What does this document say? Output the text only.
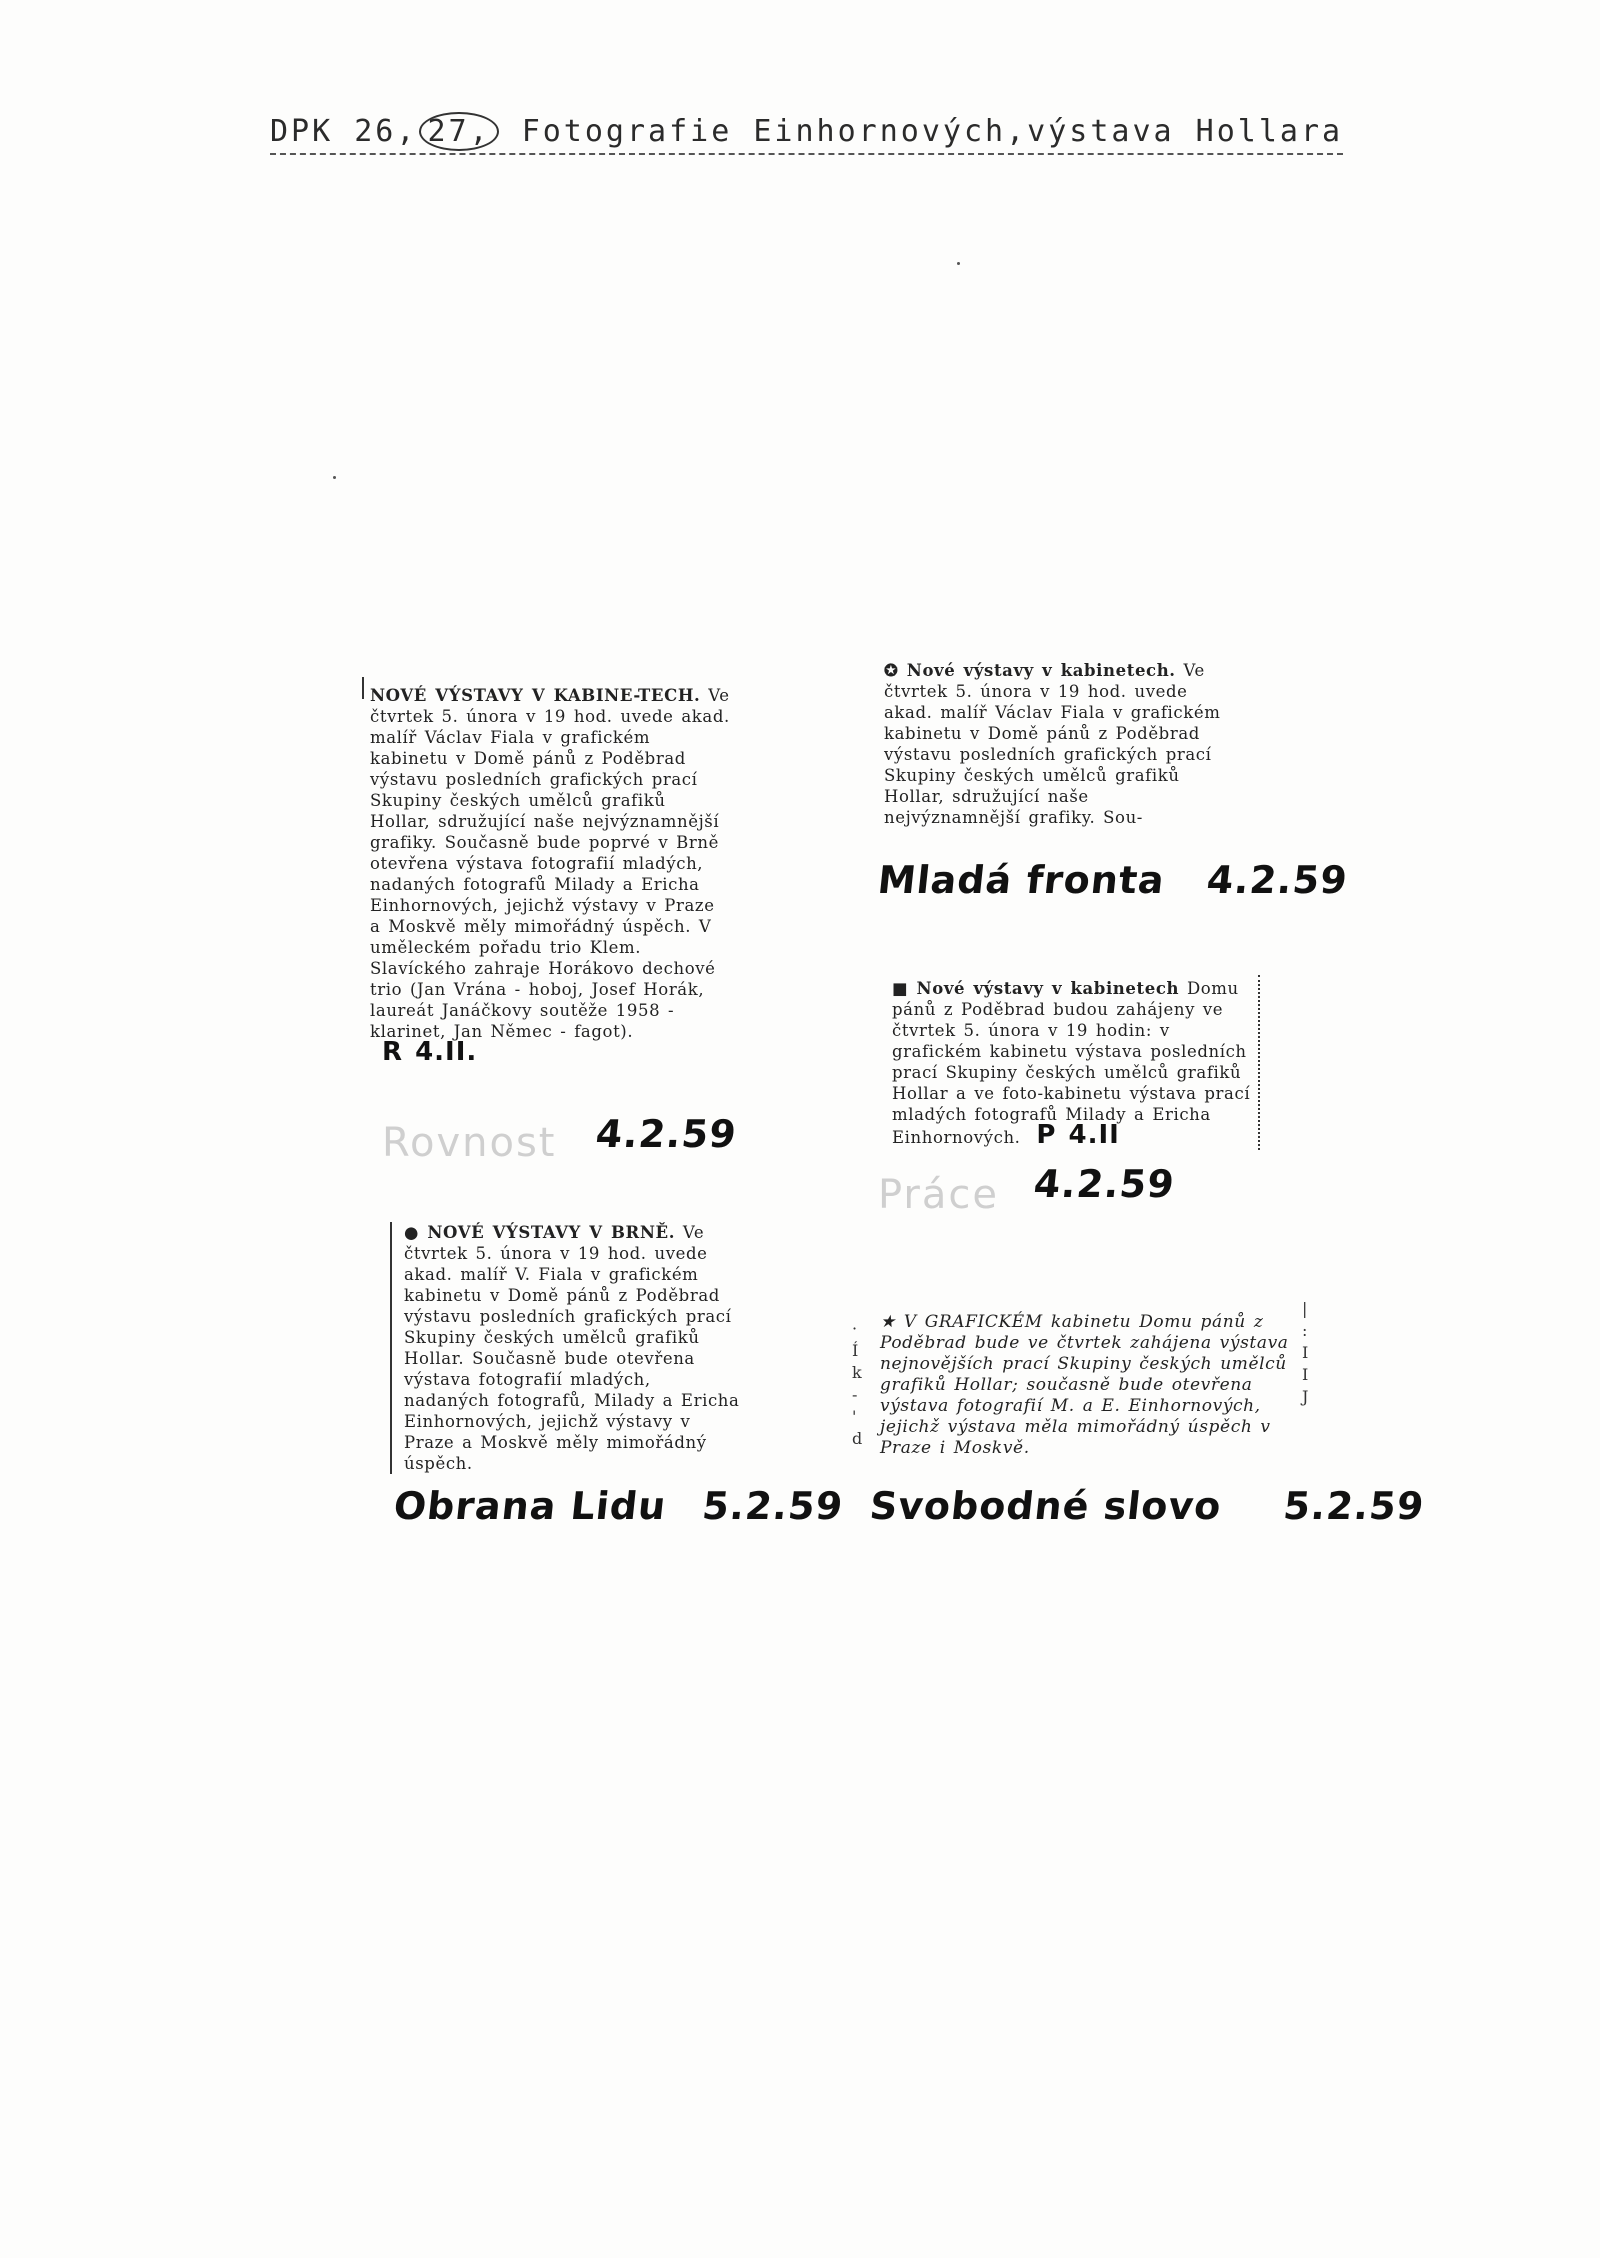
DPK 26, 27, Fotografie Einhornových,výstava Hollara
NOVÉ VÝSTAVY V KABINE-TECH. Ve čtvrtek 5. února v 19 hod. uvede akad. malíř Václav Fiala v grafickém kabinetu v Domě pánů z Poděbrad výstavu posledních grafických prací Skupiny českých umělců grafiků Hollar, sdružující naše nejvýznamnější grafiky. Současně bude poprvé v Brně otevřena výstava fotografií mladých, nadaných fotografů Milady a Ericha Einhornových, jejichž výstavy v Praze a Moskvě měly mimořádný úspěch. V uměleckém pořadu trio Klem. Slavíckého zahraje Horákovo dechové trio (Jan Vrána - hoboj, Josef Horák, laureát Janáčkovy soutěže 1958 - klarinet, Jan Němec - fagot). R 4.II.
Rovnost 4.2.59
✪ Nové výstavy v kabinetech. Ve čtvrtek 5. února v 19 hod. uvede akad. malíř Václav Fiala v grafickém kabinetu v Domě pánů z Poděbrad výstavu posledních grafických prací Skupiny českých umělců grafiků Hollar, sdružující naše nejvýznamnější grafiky. Sou-
Mladá fronta 4.2.59
■ Nové výstavy v kabinetech Domu pánů z Poděbrad budou zahájeny ve čtvrtek 5. února v 19 hodin: v grafickém kabinetu výstava posledních prací Skupiny českých umělců grafiků Hollar a ve foto-kabinetu výstava prací mladých fotografů Milady a Ericha Einhornových. P 4.II
Práce 4.2.59
● NOVÉ VÝSTAVY V BRNĚ. Ve čtvrtek 5. února v 19 hod. uvede akad. malíř V. Fiala v grafickém kabinetu v Domě pánů z Poděbrad výstavu posledních grafických prací Skupiny českých umělců grafiků Hollar. Současně bude otevřena výstava fotografií mladých, nadaných fotografů, Milady a Ericha Einhornových, jejichž výstavy v Praze a Moskvě měly mimořádný úspěch.
Obrana Lidu 5.2.59
·
Í
k
-
'
d
|
:
I
I
J
★ V GRAFICKÉM kabinetu Domu pánů z Poděbrad bude ve čtvrtek zahájena výstava nejnovějších prací Skupiny českých umělců grafiků Hollar; současně bude otevřena výstava fotografií M. a E. Einhornových, jejichž výstava měla mimořádný úspěch v Praze i Moskvě.
Svobodné slovo 5.2.59
